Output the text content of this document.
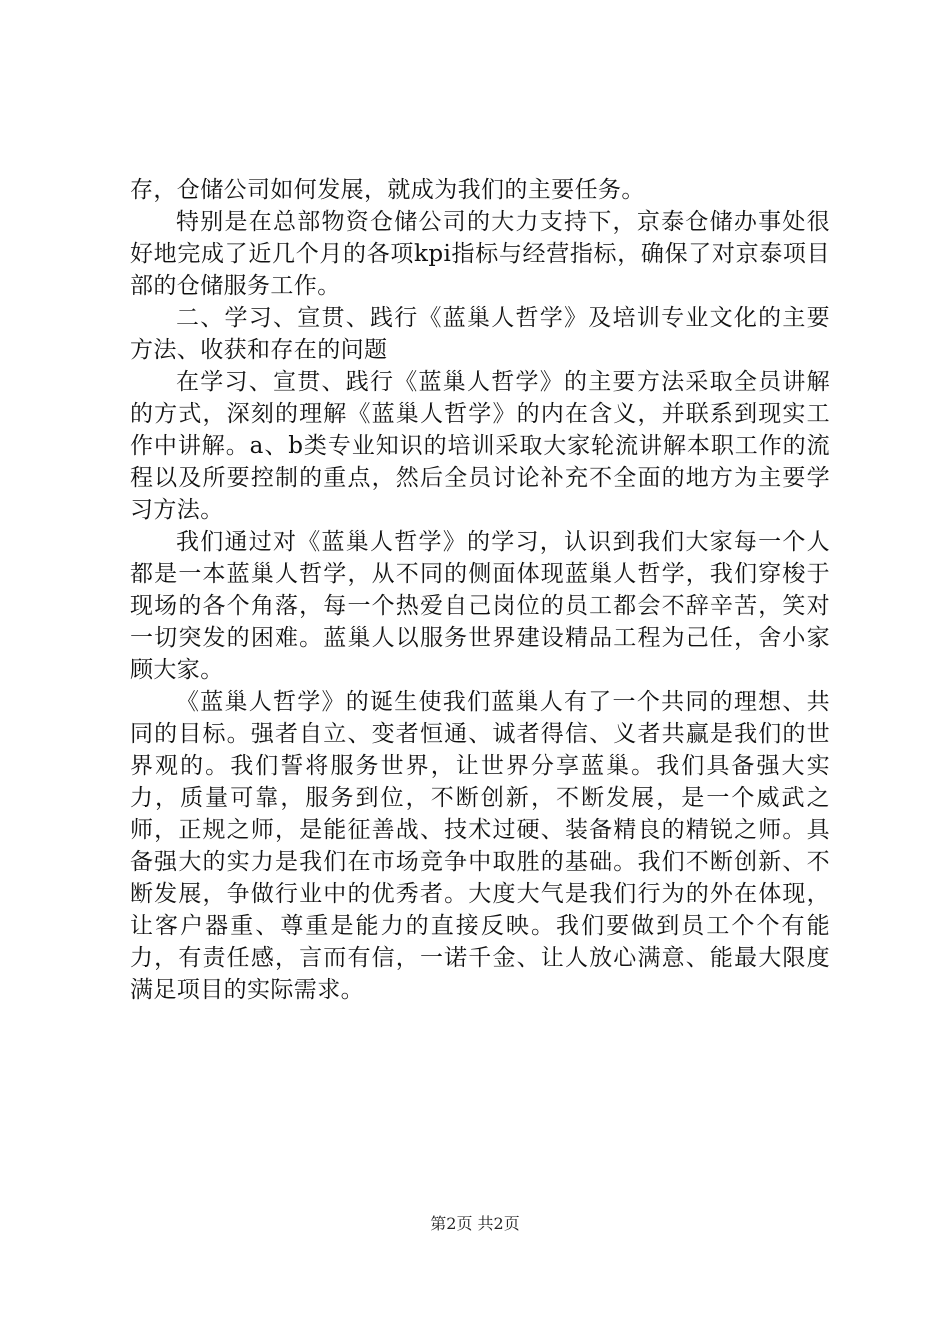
存，仓储公司如何发展，就成为我们的主要任务。

特别是在总部物资仓储公司的大力支持下，京泰仓储办事处很好地完成了近几个月的各项kpi指标与经营指标，确保了对京泰项目部的仓储服务工作。

二、学习、宣贯、践行《蓝巢人哲学》及培训专业文化的主要方法、收获和存在的问题

在学习、宣贯、践行《蓝巢人哲学》的主要方法采取全员讲解的方式，深刻的理解《蓝巢人哲学》的内在含义，并联系到现实工作中讲解。a、b类专业知识的培训采取大家轮流讲解本职工作的流程以及所要控制的重点，然后全员讨论补充不全面的地方为主要学习方法。

我们通过对《蓝巢人哲学》的学习，认识到我们大家每一个人都是一本蓝巢人哲学，从不同的侧面体现蓝巢人哲学，我们穿梭于现场的各个角落，每一个热爱自己岗位的员工都会不辞辛苦，笑对一切突发的困难。蓝巢人以服务世界建设精品工程为己任，舍小家顾大家。

《蓝巢人哲学》的诞生使我们蓝巢人有了一个共同的理想、共同的目标。强者自立、变者恒通、诚者得信、义者共赢是我们的世界观的。我们誓将服务世界，让世界分享蓝巢。我们具备强大实力，质量可靠，服务到位，不断创新，不断发展，是一个威武之师，正规之师，是能征善战、技术过硬、装备精良的精锐之师。具备强大的实力是我们在市场竞争中取胜的基础。我们不断创新、不断发展，争做行业中的优秀者。大度大气是我们行为的外在体现，让客户器重、尊重是能力的直接反映。我们要做到员工个个有能力，有责任感，言而有信，一诺千金、让人放心满意、能最大限度满足项目的实际需求。

第2页 共2页
